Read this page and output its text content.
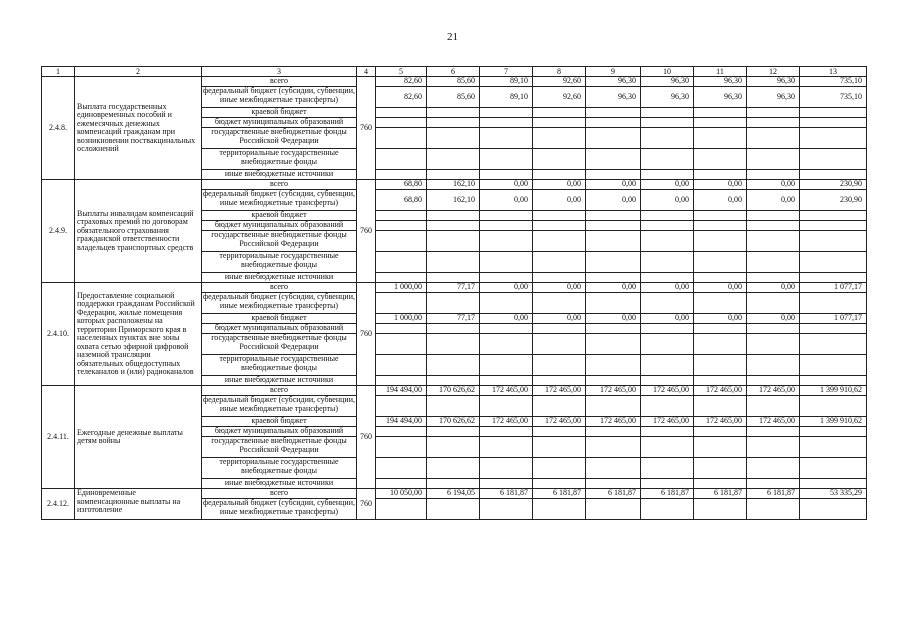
21
1	2	3	4	5	6	7	8	9	10	11	12	13
2.4.8.	Выплата государственных единовременных пособий и ежемесячных денежных компенсаций гражданам при возникновении поствакцинальных осложнений	всего	760	82,60	85,60	89,10	92,60	96,30	96,30	96,30	96,30	735,10
		федеральный бюджет (субсидии, субвенции, иные межбюджетные трансферты)		82,60	85,60	89,10	92,60	96,30	96,30	96,30	96,30	735,10
		краевой бюджет										
		бюджет муниципальных образований										
		государственные внебюджетные фонды Российской Федерации										
		территориальные государственные внебюджетные фонды										
		иные внебюджетные источники										
2.4.9.	Выплаты инвалидам компенсаций страховых премий по договорам обязательного страхования гражданской ответственности владельцев транспортных средств	всего	760	68,80	162,10	0,00	0,00	0,00	0,00	0,00	0,00	230,90
		федеральный бюджет (субсидии, субвенции, иные межбюджетные трансферты)		68,80	162,10	0,00	0,00	0,00	0,00	0,00	0,00	230,90
		краевой бюджет										
		бюджет муниципальных образований										
		государственные внебюджетные фонды Российской Федерации										
		территориальные государственные внебюджетные фонды										
		иные внебюджетные источники										
2.4.10.	Предоставление социальной поддержки гражданам Российской Федерации, жилые помещения которых расположены на территории Приморского края в населенных пунктах вне зоны охвата сетью эфирной цифровой наземной трансляции обязательных общедоступных телеканалов и (или) радиоканалов	всего	760	1 000,00	77,17	0,00	0,00	0,00	0,00	0,00	0,00	1 077,17
		федеральный бюджет (субсидии, субвенции, иные межбюджетные трансферты)										
		краевой бюджет		1 000,00	77,17	0,00	0,00	0,00	0,00	0,00	0,00	1 077,17
		бюджет муниципальных образований										
		государственные внебюджетные фонды Российской Федерации										
		территориальные государственные внебюджетные фонды										
		иные внебюджетные источники										
2.4.11.	Ежегодные денежные выплаты детям войны	всего	760	194 494,00	170 626,62	172 465,00	172 465,00	172 465,00	172 465,00	172 465,00	172 465,00	1 399 910,62
		федеральный бюджет (субсидии, субвенции, иные межбюджетные трансферты)										
		краевой бюджет		194 494,00	170 626,62	172 465,00	172 465,00	172 465,00	172 465,00	172 465,00	172 465,00	1 399 910,62
		бюджет муниципальных образований										
		государственные внебюджетные фонды Российской Федерации										
		территориальные государственные внебюджетные фонды										
		иные внебюджетные источники										
2.4.12.	Единовременные компенсационные выплаты на изготовление	всего	760	10 050,00	6 194,05	6 181,87	6 181,87	6 181,87	6 181,87	6 181,87	6 181,87	53 335,29
		федеральный бюджет (субсидии, субвенции, иные межбюджетные трансферты)										
